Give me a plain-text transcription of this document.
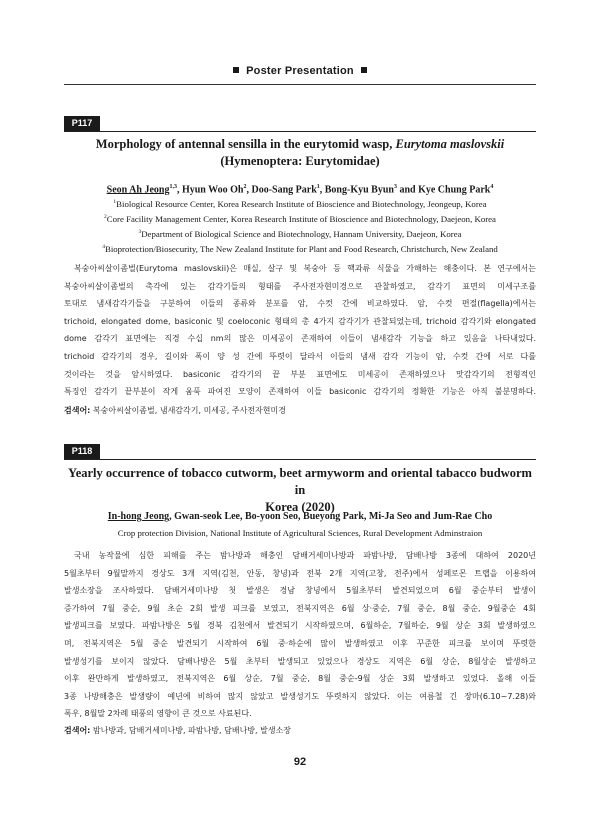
Poster Presentation
P117
Morphology of antennal sensilla in the eurytomid wasp, Eurytoma maslovskii
(Hymenoptera: Eurytomidae)
Seon Ah Jeong$^{1,3}$, Hyun Woo Oh$^2$, Doo-Sang Park$^1$, Bong-Kyu Byun$^3$ and Kye Chung Park$^4$
$^1$Biological Resource Center, Korea Research Institute of Bioscience and Biotechnology, Jeongeup, Korea
$^2$Core Facility Management Center, Korea Research Institute of Bioscience and Biotechnology, Daejeon, Korea
$^3$Department of Biological Science and Biotechnology, Hannam University, Daejeon, Korea
$^4$Bioprotection/Biosecurity, The New Zealand Institute for Plant and Food Research, Christchurch, New Zealand
복숭아씨살이좀벌(Eurytoma maslovskii)은 매실, 살구 및 복숭아 등 핵과류 식물을 가해하는 해충이다. 본 연구에서는
복숭아씨살이좀벌의 촉각에 있는 감각기들의 형태를 주사전자현미경으로 관찰하였고, 감각기 표면의 미세구조를
토대로 냄새감각기들을 구분하여 이들의 종류와 분포를 암, 수컷 간에 비교하였다. 암, 수컷 편절(flagella)에서는
trichoid, elongated dome, basiconic 및 coeloconic 형태의 총 4가지 감각기가 관찰되었는데, trichoid 감각기와 elongated
dome 감각기 표면에는 직경 수십 nm의 많은 미세공이 존재하여 이들이 냄새감각 기능을 하고 있음을 나타내었다.
trichoid 감각기의 경우, 길이와 폭이 양 성 간에 뚜렷이 달라서 이들의 냄새 감각 기능이 암, 수컷 간에 서로 다를
것이라는 것을 암시하였다. basiconic 감각기의 끝 부분 표면에도 미세공이 존재하였으나 맛감각기의 전형적인
특징인 감각기 끝부분이 작게 움푹 파여진 모양이 존재하여 이들 basiconic 감각기의 정확한 기능은 아직 불분명하다.
검색어: 복숭아씨살이좀벌, 냄새감각기, 미세공, 주사전자현미경
P118
Yearly occurrence of tobacco cutworm, beet armyworm and oriental tabacco budworm in
Korea (2020)
In-hong Jeong, Gwan-seok Lee, Bo-yoon Seo, Bueyong Park, Mi-Ja Seo and Jum-Rae Cho
Crop protection Division, National Institute of Agricultural Sciences, Rural Development Adminstraion
국내 농작물에 심한 피해를 주는 밤나방과 해충인 담배거세미나방과 파밤나방, 담배나방 3종에 대하여 2020년
5월초부터 9월말까지 경상도 3개 지역(김천, 안동, 창녕)과 전북 2개 지역(고창, 전주)에서 성페로몬 트랩을 이용하여
발생소장을 조사하였다. 담배거세미나방 첫 발생은 경남 창녕에서 5월초부터 발견되었으며 6월 중순부터 발생이
증가하여 7월 중순, 9월 초순 2회 발생 피크를 보였고, 전북지역은 6월 상·중순, 7월 중순, 8월 중순, 9월중순 4회
발생피크를 보였다. 파밤나방은 5월 경북 김천에서 발견되기 시작하였으며, 6월하순, 7월하순, 9월 상순 3회 발생하였으
며, 전북지역은 5월 중순 발견되기 시작하여 6월 중·하순에 많이 발생하였고 이후 꾸준한 피크를 보이며 뚜렷한
발생성기를 보이지 않았다. 담배나방은 5월 초부터 발생되고 있었으나 경상도 지역은 6월 상순, 8월상순 발생하고
이후 완만하게 발생하였고, 전북지역은 6월 상순, 7월 중순, 8월 중순-9월 상순 3회 발생하고 있었다. 올해 이들
3종 나방해충은 발생량이 예년에 비하여 많지 않았고 발생성기도 뚜렷하지 않았다. 이는 여름철 긴 장마(6.10~7.28)와
폭우, 8월말 2차례 태풍의 영향이 큰 것으로 사료된다.
검색어: 밤나방과, 담배거세미나방, 파밤나방, 담배나방, 발생소장
92
